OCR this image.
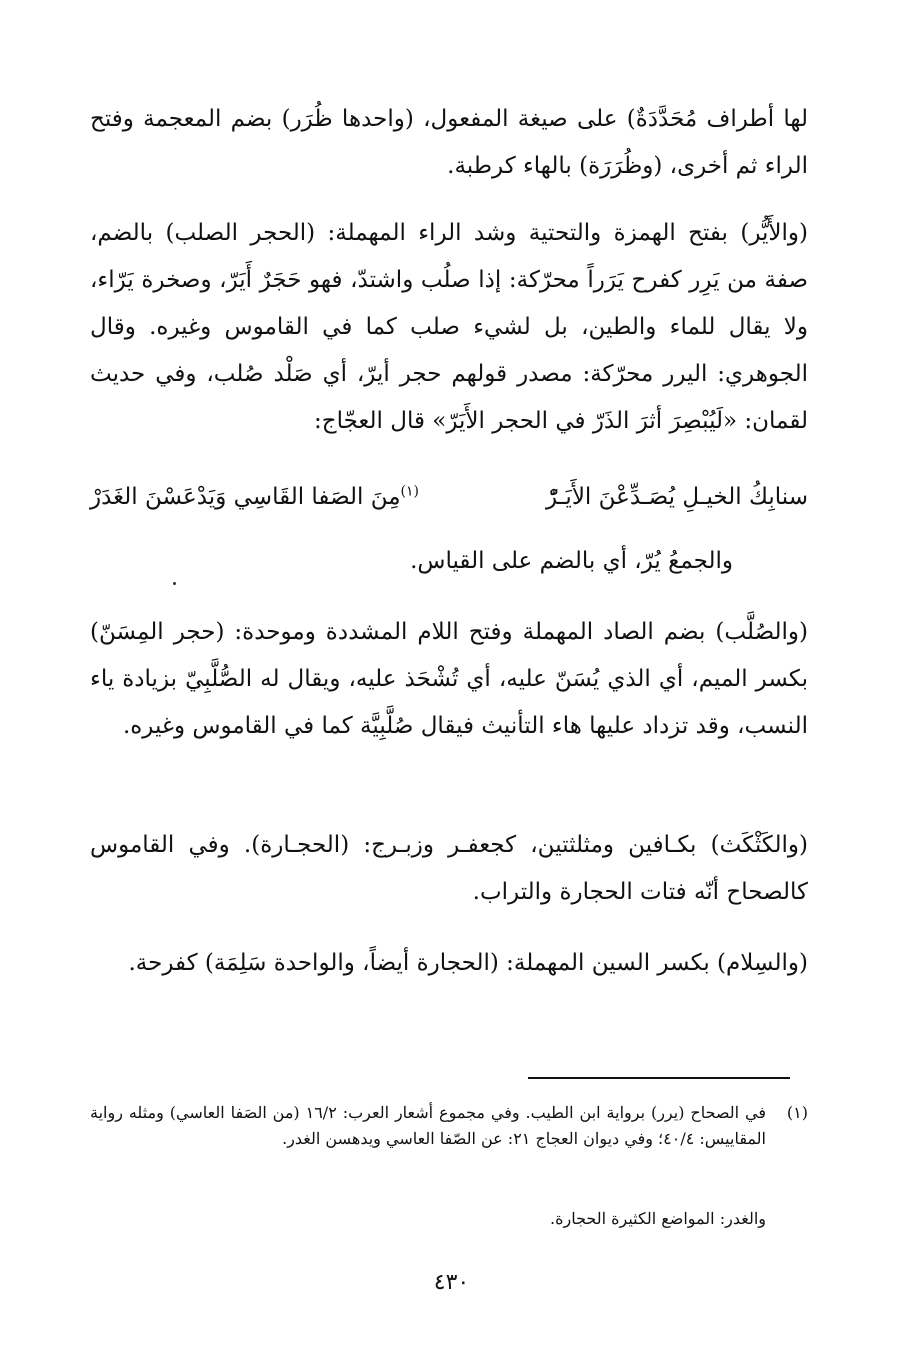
لها أطراف مُحَدَّدَةٌ) على صيغة المفعول، (واحدها ظُرَر) بضم المعجمة وفتح الراء ثم أخرى، (وظُرَرَة) بالهاء كرطبة.

(والأَيُّر) بفتح الهمزة والتحتية وشد الراء المهملة: (الحجر الصلب) بالضم، صفة من يَرِر كفرح يَرَراً محرّكة: إذا صلُب واشتدّ، فهو حَجَرٌ أَيَرّ، وصخرة يَرّاء، ولا يقال للماء والطين، بل لشيء صلب كما في القاموس وغيره. وقال الجوهري: اليرر محرّكة: مصدر قولهم حجر أيرّ، أي صَلْد صُلب، وفي حديث لقمان: «لَيُبْصِرَ أثرَ الذَرّ في الحجر الأَيَرّ» قال العجّاج:

سنابِكُ الخيـلِ يُصَـدِّعْنَ الأَيَـرّْ
$^{(١)}$مِنَ الصَفا القَاسِي وَيَدْعَسْنَ الغَدَرْ
والجمعُ يُرّ، أي بالضم على القياس.

(والصُلَّب) بضم الصاد المهملة وفتح اللام المشددة وموحدة: (حجر المِسَنّ) بكسر الميم، أي الذي يُسَنّ عليه، أي تُشْحَذ عليه، ويقال له الصُّلَّبِيّ بزيادة ياء النسب، وقد تزداد عليها هاء التأنيث فيقال صُلَّبِيَّة كما في القاموس وغيره.

(والكَثْكَث) بكـافين ومثلثتين، كجعفـر وزبـرج: (الحجـارة). وفي القاموس كالصحاح أنّه فتات الحجارة والتراب.

(والسِلام) بكسر السين المهملة: (الحجارة أيضاً، والواحدة سَلِمَة) كفرحة.

(١)
في الصحاح (يرر) برواية ابن الطيب. وفي مجموع أشعار العرب: ١٦/٢ (من الصَفا العاسي) ومثله رواية المقاييس: ٤٠/٤؛ وفي ديوان العجاج ٢١: عن الصّفا العاسي ويدهسن الغدر.
والغدر: المواضع الكثيرة الحجارة.
٤٣٠
